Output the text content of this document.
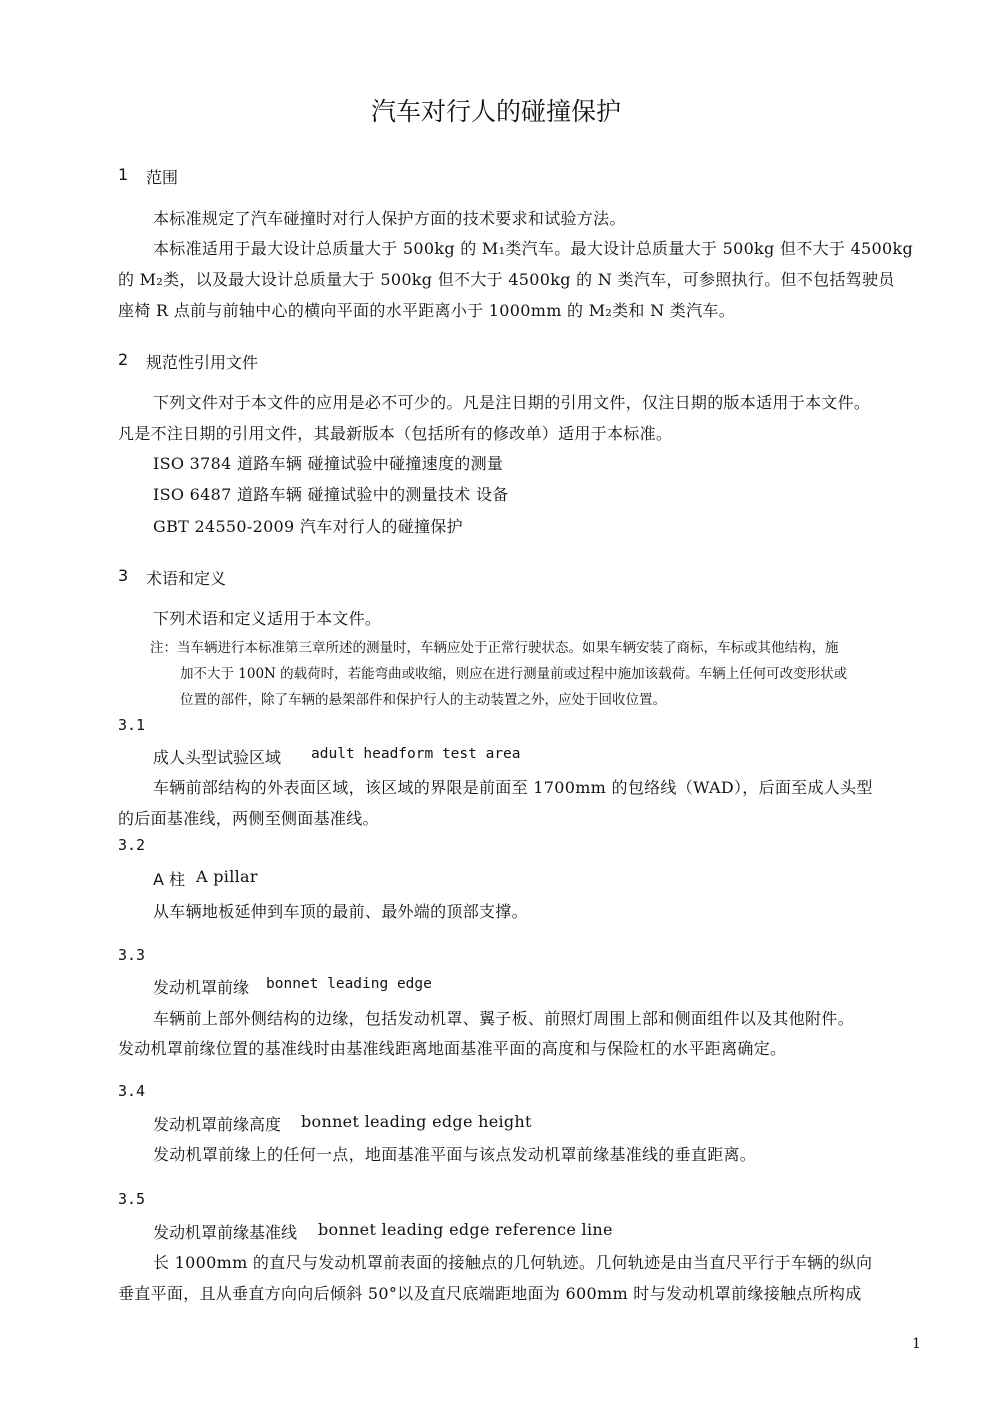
汽车对行人的碰撞保护
1 范围
本标准规定了汽车碰撞时对行人保护方面的技术要求和试验方法。
本标准适用于最大设计总质量大于 500kg 的 M₁类汽车。最大设计总质量大于 500kg 但不大于 4500kg
的 M₂类，以及最大设计总质量大于 500kg 但不大于 4500kg 的 N 类汽车，可参照执行。但不包括驾驶员
座椅 R 点前与前轴中心的横向平面的水平距离小于 1000mm 的 M₂类和 N 类汽车。
2 规范性引用文件
下列文件对于本文件的应用是必不可少的。凡是注日期的引用文件，仅注日期的版本适用于本文件。
凡是不注日期的引用文件，其最新版本（包括所有的修改单）适用于本标准。
ISO 3784 道路车辆 碰撞试验中碰撞速度的测量
ISO 6487 道路车辆 碰撞试验中的测量技术 设备
GBT 24550-2009 汽车对行人的碰撞保护
3 术语和定义
下列术语和定义适用于本文件。
注：当车辆进行本标准第三章所述的测量时，车辆应处于正常行驶状态。如果车辆安装了商标，车标或其他结构，施
加不大于 100N 的载荷时，若能弯曲或收缩，则应在进行测量前或过程中施加该载荷。车辆上任何可改变形状或
位置的部件，除了车辆的悬架部件和保护行人的主动装置之外，应处于回收位置。
3.1
成人头型试验区域 adult headform test area
车辆前部结构的外表面区域，该区域的界限是前面至 1700mm 的包络线（WAD），后面至成人头型
的后面基准线，两侧至侧面基准线。
3.2
A 柱 A pillar
从车辆地板延伸到车顶的最前、最外端的顶部支撑。
3.3
发动机罩前缘 bonnet leading edge
车辆前上部外侧结构的边缘，包括发动机罩、翼子板、前照灯周围上部和侧面组件以及其他附件。
发动机罩前缘位置的基准线时由基准线距离地面基准平面的高度和与保险杠的水平距离确定。
3.4
发动机罩前缘高度 bonnet leading edge height
发动机罩前缘上的任何一点，地面基准平面与该点发动机罩前缘基准线的垂直距离。
3.5
发动机罩前缘基准线 bonnet leading edge reference line
长 1000mm 的直尺与发动机罩前表面的接触点的几何轨迹。几何轨迹是由当直尺平行于车辆的纵向
垂直平面，且从垂直方向向后倾斜 50°以及直尺底端距地面为 600mm 时与发动机罩前缘接触点所构成
1
